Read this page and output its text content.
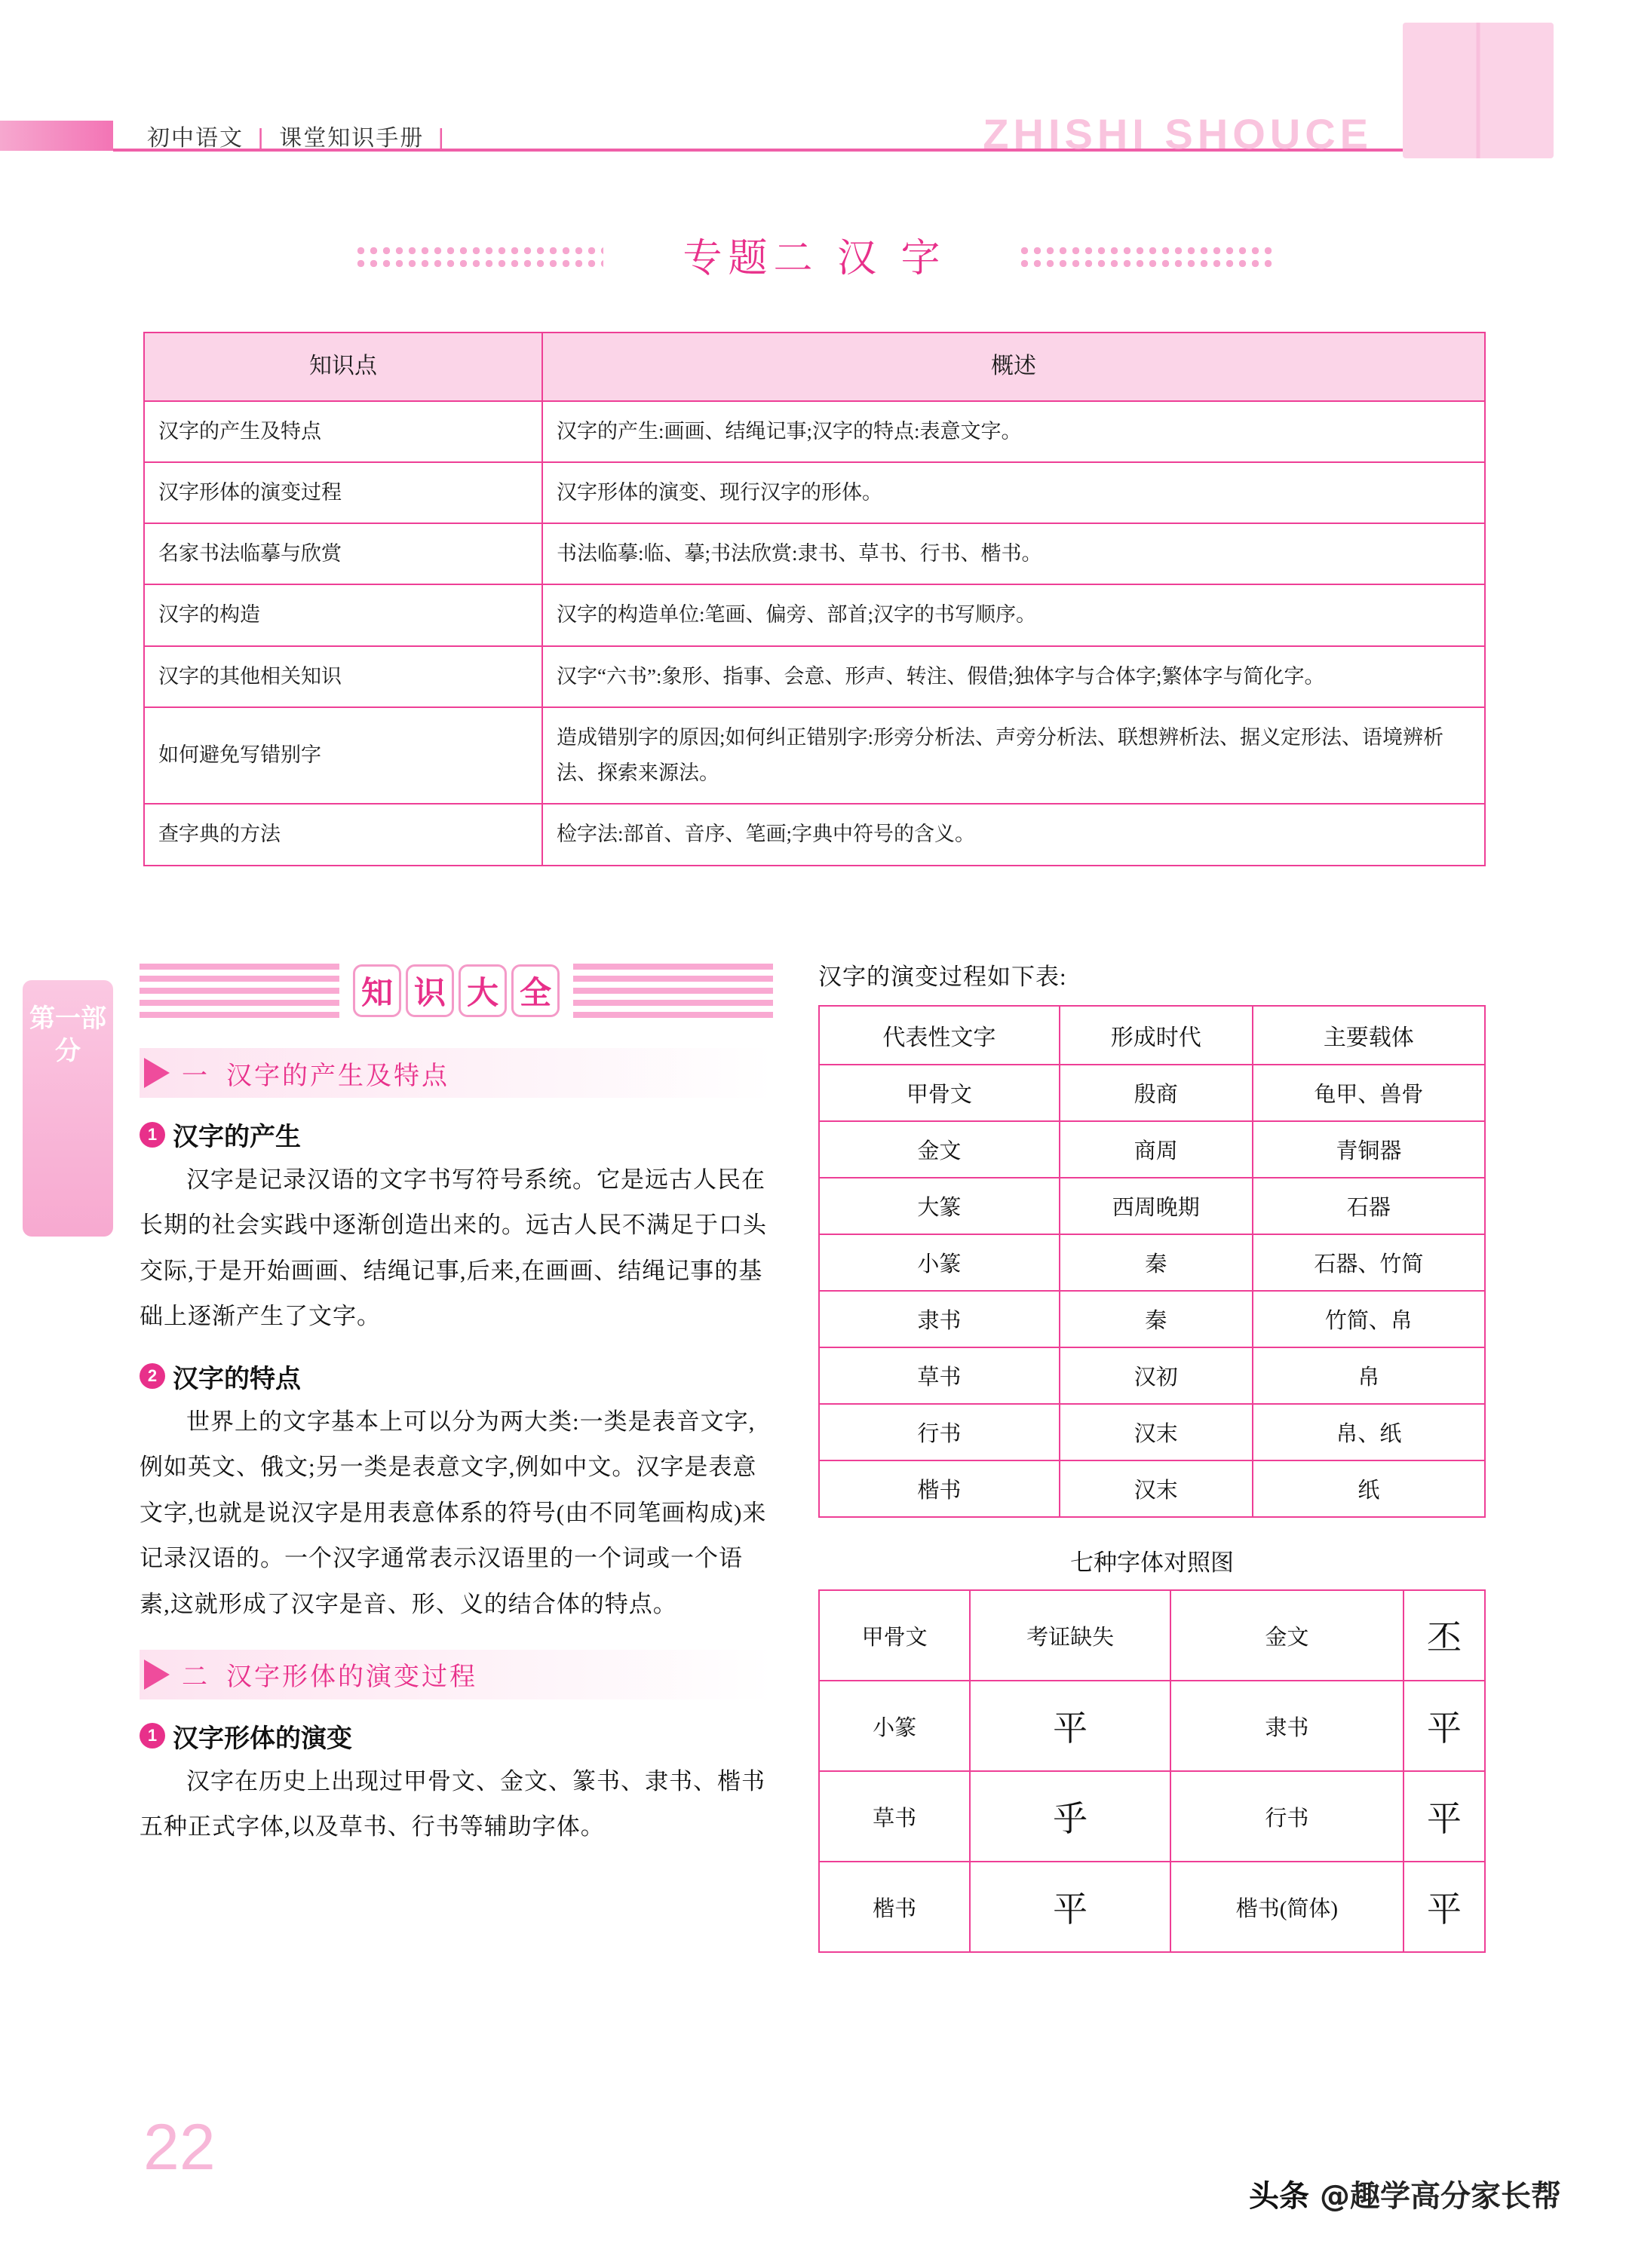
初中语文 | 课堂知识手册 |	ZHISHI SHOUCE
专题二 汉 字
知识点	概述
汉字的产生及特点	汉字的产生:画画、结绳记事;汉字的特点:表意文字。
汉字形体的演变过程	汉字形体的演变、现行汉字的形体。
名家书法临摹与欣赏	书法临摹:临、摹;书法欣赏:隶书、草书、行书、楷书。
汉字的构造	汉字的构造单位:笔画、偏旁、部首;汉字的书写顺序。
汉字的其他相关知识	汉字“六书”:象形、指事、会意、形声、转注、假借;独体字与合体字;繁体字与简化字。
如何避免写错别字	造成错别字的原因;如何纠正错别字:形旁分析法、声旁分析法、联想辨析法、据义定形法、语境辨析法、探索来源法。
查字典的方法	检字法:部首、音序、笔画;字典中符号的含义。
第一部分
知 识 大 全
一 汉字的产生及特点
1 汉字的产生
汉字是记录汉语的文字书写符号系统。它是远古人民在长期的社会实践中逐渐创造出来的。远古人民不满足于口头交际,于是开始画画、结绳记事,后来,在画画、结绳记事的基础上逐渐产生了文字。
2 汉字的特点
世界上的文字基本上可以分为两大类:一类是表音文字,例如英文、俄文;另一类是表意文字,例如中文。汉字是表意文字,也就是说汉字是用表意体系的符号(由不同笔画构成)来记录汉语的。一个汉字通常表示汉语里的一个词或一个语素,这就形成了汉字是音、形、义的结合体的特点。
二 汉字形体的演变过程
1 汉字形体的演变
汉字在历史上出现过甲骨文、金文、篆书、隶书、楷书五种正式字体,以及草书、行书等辅助字体。
汉字的演变过程如下表:
代表性文字	形成时代	主要载体
甲骨文	殷商	龟甲、兽骨
金文	商周	青铜器
大篆	西周晚期	石器
小篆	秦	石器、竹简
隶书	秦	竹简、帛
草书	汉初	帛
行书	汉末	帛、纸
楷书	汉末	纸
七种字体对照图
甲骨文	考证缺失	金文	丕
小篆	平	隶书	平
草书	乎	行书	平
楷书	平	楷书(简体)	平
22
头条 @趣学高分家长帮
